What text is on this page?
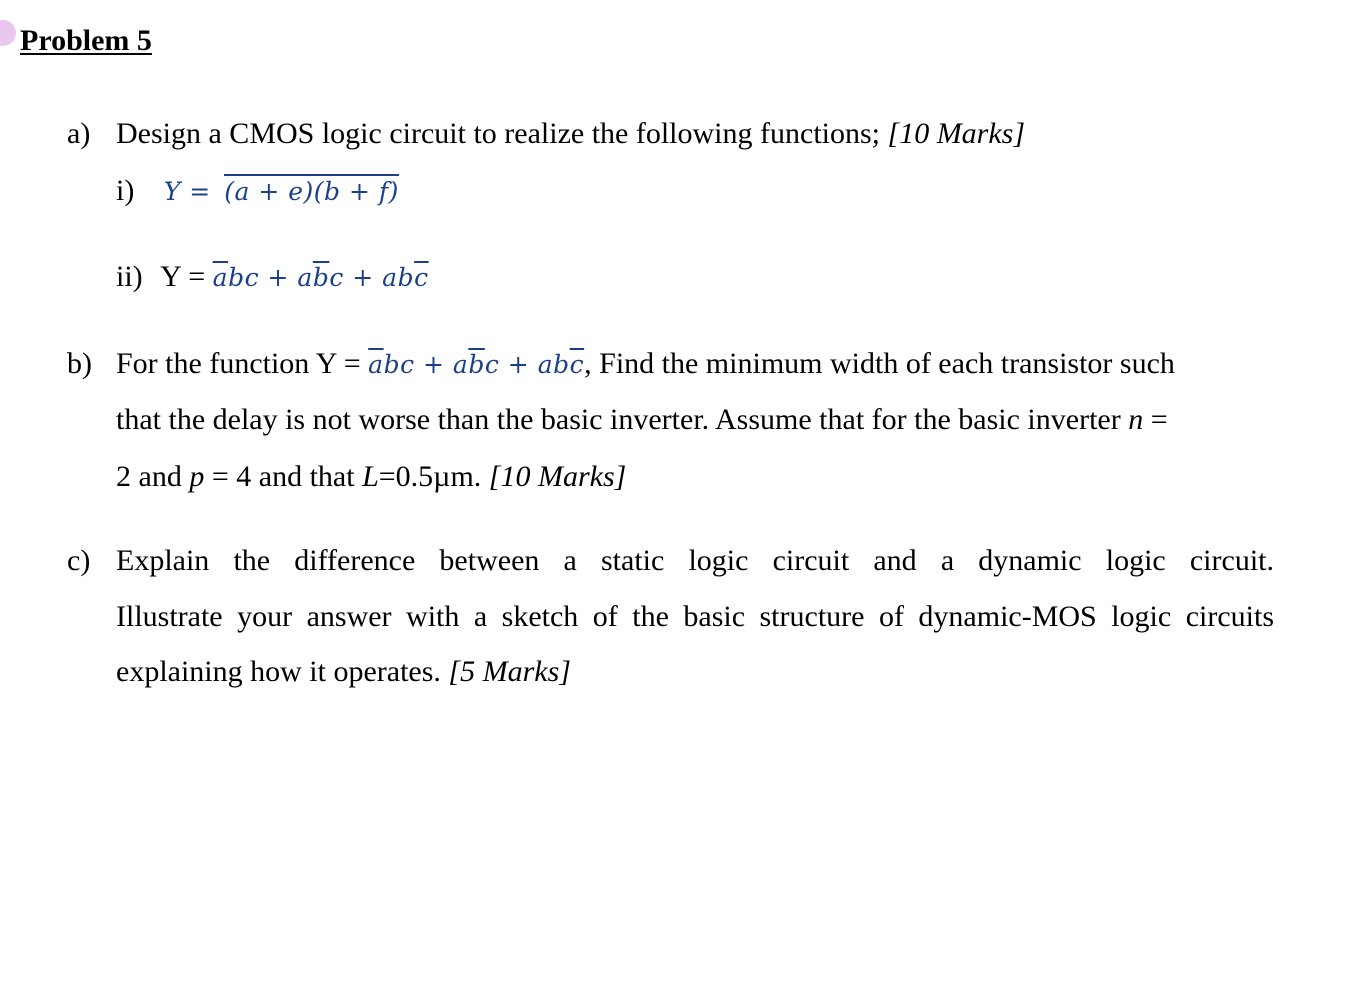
Problem 5
a) Design a CMOS logic circuit to realize the following functions; [10 Marks]
i) Y = (a + e)(b + f)
ii) $Y = \overline{a}bc + a\overline{b}c + ab\overline{c}$
b) For the function $Y = \overline{a}bc + a\overline{b}c + ab\overline{c}$, Find the minimum width of each transistor such
that the delay is not worse than the basic inverter. Assume that for the basic inverter n =
2 and p = 4 and that L=0.5µm. [10 Marks]
c) Explain the difference between a static logic circuit and a dynamic logic circuit.
Illustrate your answer with a sketch of the basic structure of dynamic-MOS logic circuits
explaining how it operates. [5 Marks]
